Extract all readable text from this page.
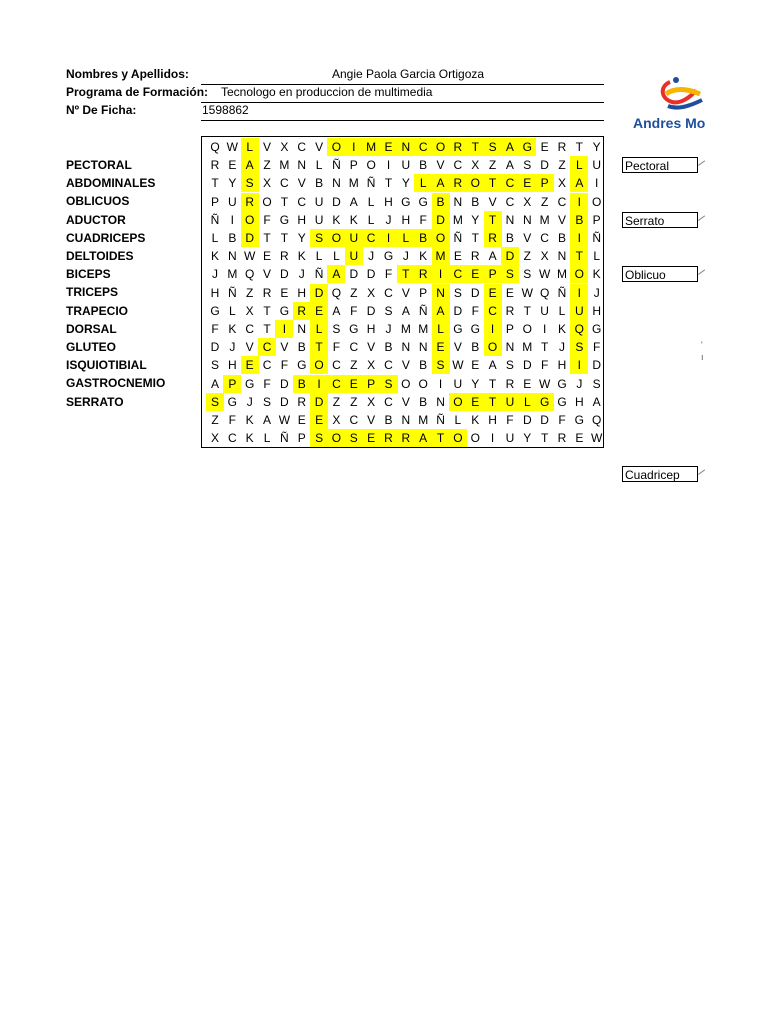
Nombres y Apellidos:	Angie Paola Garcia Ortigoza
Programa de Formación: Tecnologo en produccion de multimedia
Nº De Ficha:	1598862
Andres Mo
PECTORAL
ABDOMINALES
OBLICUOS
ADUCTOR
CUADRICEPS
DELTOIDES
BICEPS
TRICEPS
TRAPECIO
DORSAL
GLUTEO
ISQUIOTIBIAL
GASTROCNEMIO
SERRATO
Q W L V X C V O I M E N C O R T S A G E R T Y
R E A Z M N L Ñ P O I U B V C X Z A S D Z L U
T Y S X C V B N M Ñ T Y L A R O T C E P X A I
P U R O T C U D A L H G G B N B V C X Z C I O
Ñ I O F G H U K K L J H F D M Y T N N M V B P
L B D T T Y S O U C I	L B O Ñ T R B V C B I Ñ
K N W E R K L L U J G J K M E R A D Z X N T L
J M Q V D J Ñ A D D F T R I C E P S S W M O K
H Ñ Z R E H D Q Z X C V P N S D E E W Q Ñ I	J
G L X T G R E A F D S A Ñ A D F C R T U L U H
F K C T	I N L S G H J M M L G G I P O I K Q G
D J V C V B T F C V B N N E V B O N M T J S F
S H E C F G O C Z X C V B S W E A S D F H I D
A P G F D B I C E P S O O I U Y T R E W G J S
S G J S D R D Z Z X C V B N O E T U L G G H A
Z F K A W E E X C V B N M Ñ L K H F D D F G Q
X C K L Ñ P S O S E R R A T O O I U Y T R E W
Pectoral
Serrato
Oblicuo
Cuadricep
'
ı
